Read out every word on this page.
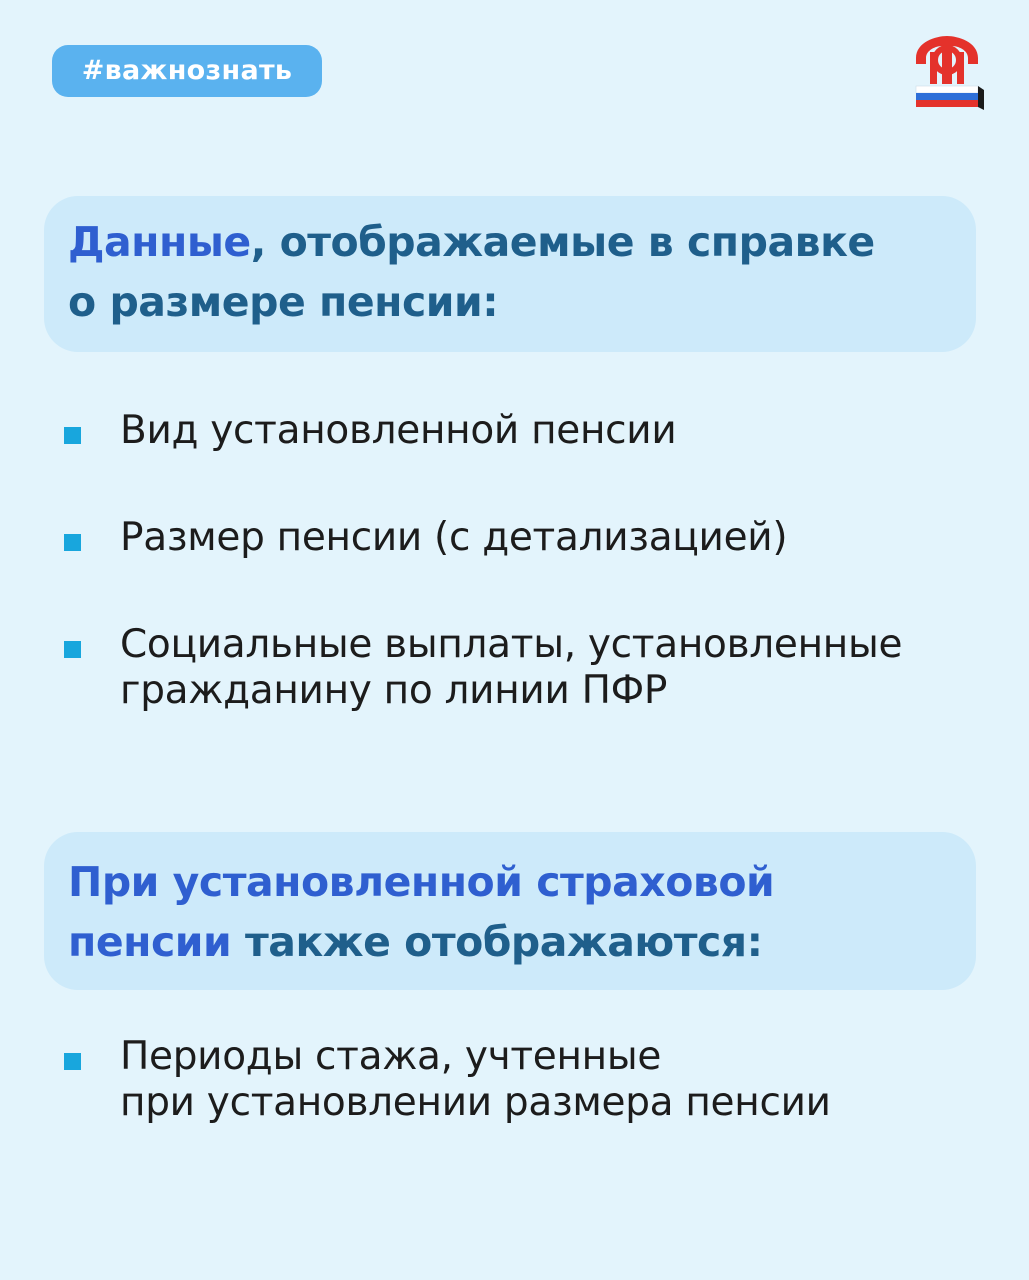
#важнознать
Данные, отображаемые в справке
о размере пенсии:
Вид установленной пенсии
Размер пенсии (с детализацией)
Социальные выплаты, установленные
гражданину по линии ПФР
При установленной страховой
пенсии также отображаются:
Периоды стажа, учтенные
при установлении размера пенсии
